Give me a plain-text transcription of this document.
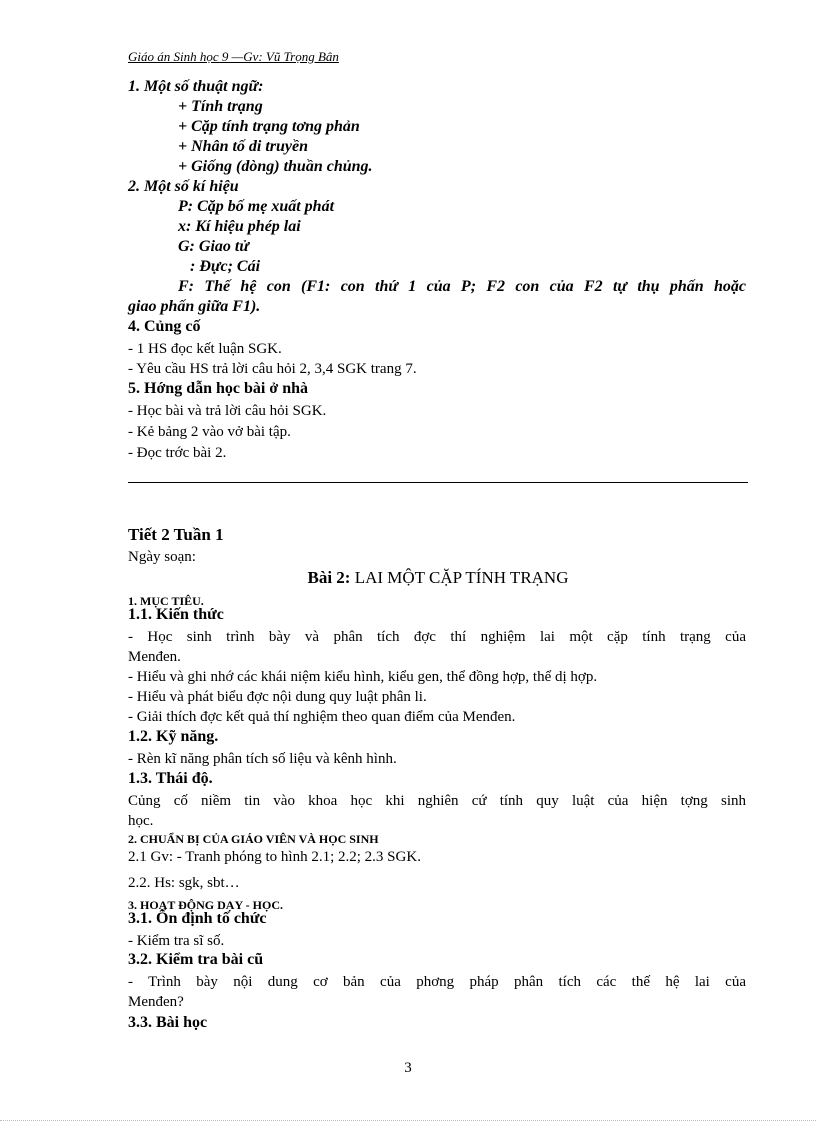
Giáo án Sinh học 9 —Gv: Vũ Trọng Bân
1. Một số thuật ngữ:
+ Tính trạng
+ Cặp tính trạng tơng phản
+ Nhân tố di truyền
+ Giống (dòng) thuần chủng.
2. Một số kí hiệu
P: Cặp bố mẹ xuất phát
x: Kí hiệu phép lai
G: Giao tử
: Đực; Cái
F: Thế hệ con (F1: con thứ 1 của P; F2 con của F2 tự thụ phấn hoặc
giao phấn giữa F1).
4. Củng cố
- 1 HS đọc kết luận SGK.
- Yêu cầu HS trả lời câu hỏi 2, 3,4 SGK trang 7.
5. Hớng dẫn học bài ở nhà
- Học bài và trả lời câu hỏi SGK.
- Kẻ bảng 2 vào vở bài tập.
- Đọc trớc bài 2.
Tiết 2 Tuần 1
Ngày soạn:
Bài 2: LAI MỘT CẶP TÍNH TRẠNG
1. MỤC TIÊU.
1.1. Kiến thức
- Học sinh trình bày và phân tích đợc thí nghiệm lai một cặp tính trạng của
Menđen.
- Hiểu và ghi nhớ các khái niệm kiểu hình, kiểu gen, thể đồng hợp, thể dị hợp.
- Hiểu và phát biểu đợc nội dung quy luật phân li.
- Giải thích đợc kết quả thí nghiệm theo quan điểm của Menđen.
1.2. Kỹ năng.
- Rèn kĩ năng phân tích số liệu và kênh hình.
1.3. Thái độ.
Củng cố niềm tin vào khoa học khi nghiên cứ tính quy luật của hiện tợng sinh
học.
2. CHUẨN BỊ CỦA GIÁO VIÊN VÀ HỌC SINH
2.1 Gv: - Tranh phóng to hình 2.1; 2.2; 2.3 SGK.
2.2. Hs: sgk, sbt…
3. HOẠT ĐỘNG DẠY - HỌC.
3.1. Ổn định tổ chức
- Kiểm tra sĩ số.
3.2. Kiểm tra bài cũ
- Trình bày nội dung cơ bản của phơng pháp phân tích các thế hệ lai của
Menđen?
3.3. Bài học
3
